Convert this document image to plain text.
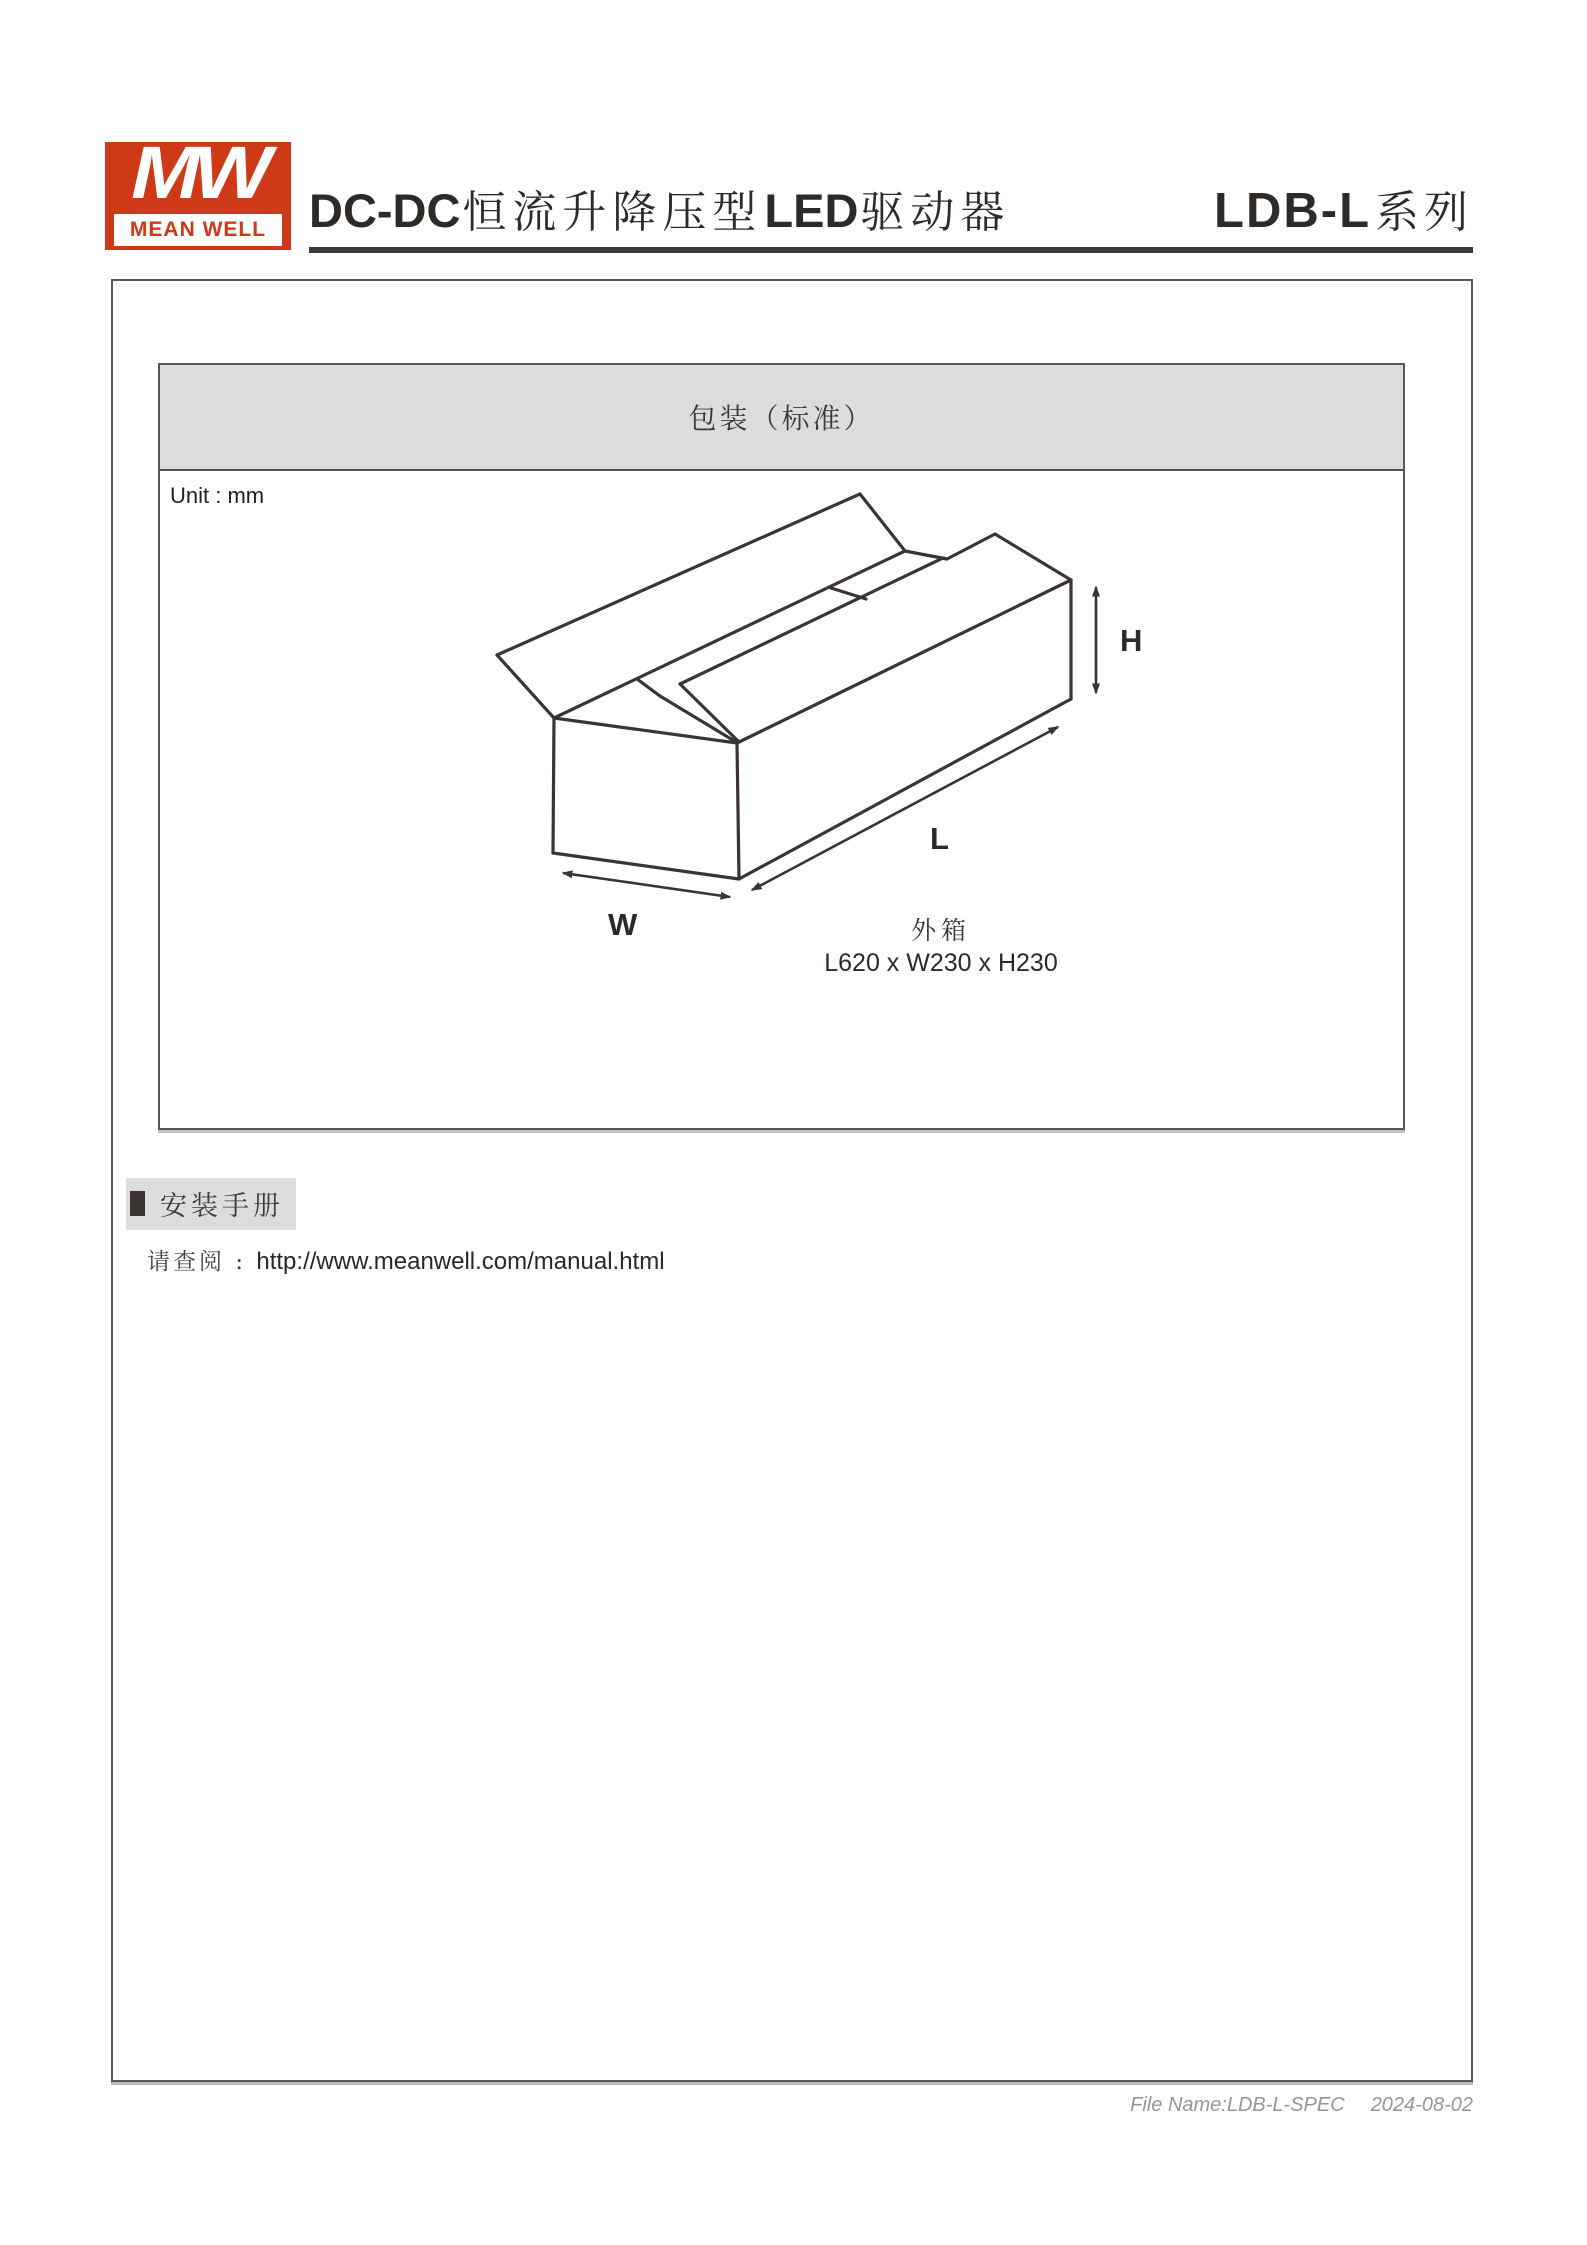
MW
MEAN WELL DC-DC恒流升降压型LED驱动器	LDB-L系列
包装（标准）
Unit : mm
H
L
W	外箱
L620 x W230 x H230
安装手册
请查阅 : http://www.meanwell.com/manual.html
File Name:LDB-L-SPEC 2024-08-02
